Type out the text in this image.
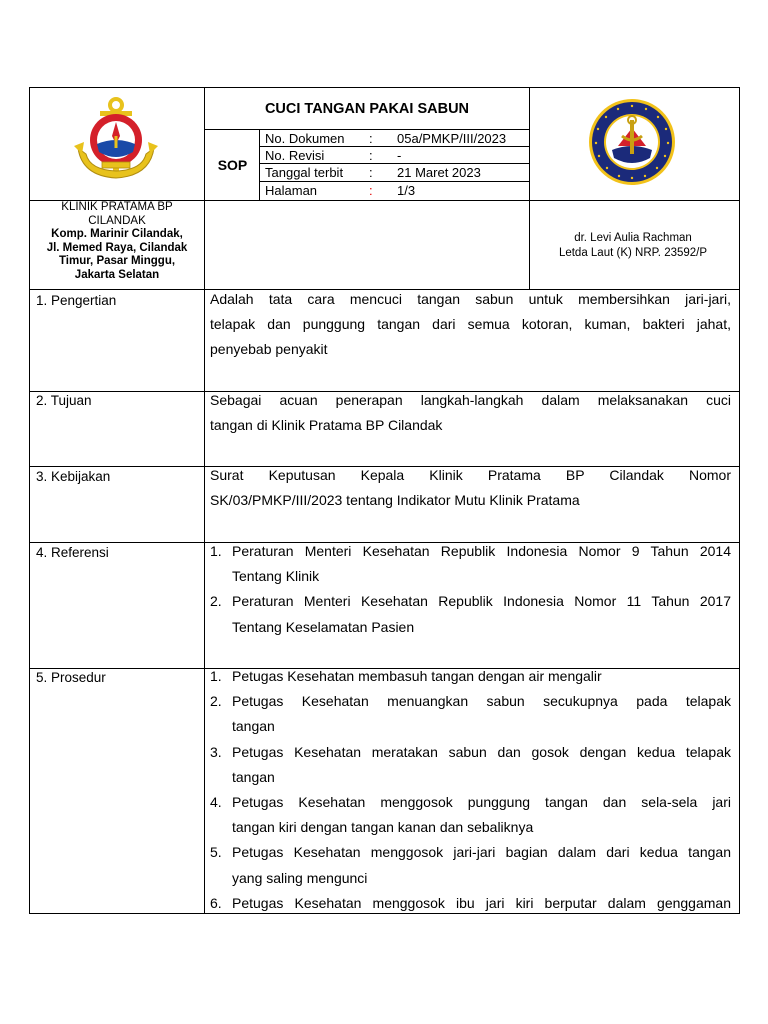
CUCI TANGAN PAKAI SABUN
SOP
No. Dokumen : 05a/PMKP/III/2023
No. Revisi	: -
Tanggal terbit : 21 Maret 2023
Halaman	: 1/3
KLINIK PRATAMA BP
CILANDAK
Komp. Marinir Cilandak,
Jl. Memed Raya, Cilandak
Timur, Pasar Minggu,
Jakarta Selatan
dr. Levi Aulia Rachman
Letda Laut (K) NRP. 23592/P
1. Pengertian	Adalah tata cara mencuci tangan sabun untuk membersihkan jari-jari,
telapak dan punggung tangan dari semua kotoran, kuman, bakteri jahat,
penyebab penyakit
2. Tujuan	Sebagai acuan penerapan langkah-langkah dalam melaksanakan cuci
tangan di Klinik Pratama BP Cilandak
3. Kebijakan	Surat Keputusan Kepala Klinik Pratama BP Cilandak Nomor
SK/03/PMKP/III/2023 tentang Indikator Mutu Klinik Pratama
4. Referensi	1. Peraturan Menteri Kesehatan Republik Indonesia Nomor 9 Tahun 2014
Tentang Klinik
2. Peraturan Menteri Kesehatan Republik Indonesia Nomor 11 Tahun 2017
Tentang Keselamatan Pasien
5. Prosedur	1. Petugas Kesehatan membasuh tangan dengan air mengalir
2. Petugas Kesehatan menuangkan sabun secukupnya pada telapak
tangan
3. Petugas Kesehatan meratakan sabun dan gosok dengan kedua telapak
tangan
4. Petugas Kesehatan menggosok punggung tangan dan sela-sela jari
tangan kiri dengan tangan kanan dan sebaliknya
5. Petugas Kesehatan menggosok jari-jari bagian dalam dari kedua tangan
yang saling mengunci
6. Petugas Kesehatan menggosok ibu jari kiri berputar dalam genggaman
